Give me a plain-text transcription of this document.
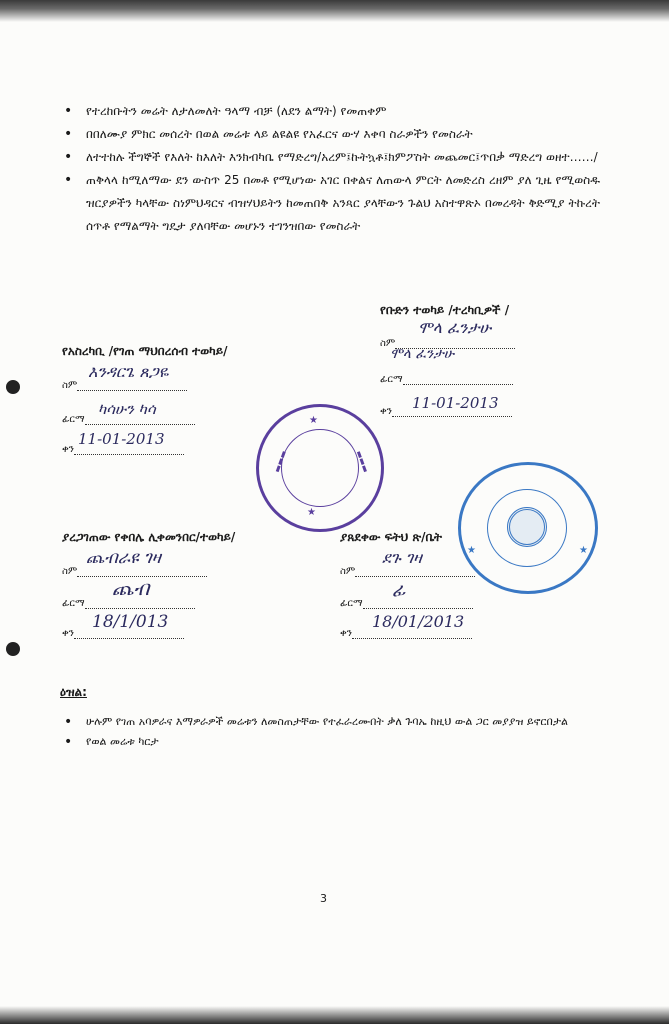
• የተረከቡትን መሬት ለታለመለት ዓላማ ብቻ (ለደን ልማት) የመጠቀም
• በበለሙያ ምክር መሰረት በወል መሬቱ ላይ ልዩልዩ የአፈርና ውሃ እቀባ ስራዎችን የመስራት
• ለተተከሉ ችግኞች የእለት ከእለት እንክብካቤ የማድረግ/አረም፤ኩትኳቶ፤ክምፖስት መጨመር፤ጥበቃ ማድረግ ወዘተ……/
• ጠቅላላ ከሚለማው ደን ውስጥ 25 በመቶ የሚሆነው አገር በቀልና ለጠውላ ምርት ለመድረስ ረዘም ያለ ጊዜ የሚወስዱ ዝርያዎችን ካላቸው ስነምህዳርና ብዝሃህይትን ከመጠበቅ አንጻር ያላቸውን ጉልህ አስተዋጽኦ በመረዳት ቅድሚያ ትኩረት ሰጥቶ የማልማት ግዴታ ያለባቸው መሆኑን ተገንዝበው የመስራት
የቡድን ተወካይ /ተረካቢዎች /
ስም
ሞላ ፈንታሁ
ሞላ ፈንታሁ
ፊርማ
ቀን	11-01-2013
የአስረካቢ /የገጠ ማህበረሰብ ተወካይ/
ስም
እንዳርጌ ጸጋዬ
ፊርማ
ካሳሁን ካሳ
ቀን
11-01-2013
★
★
▬▬▬	▬▬▬
★	★
ያረጋገጠው የቀበሌ ሊቀመንበር/ተወካይ/
ስም
ጨብራዩ ገዛ
ፊርማ
ጨብ
ቀን
18/1/013
ያጸደቀው ፍትህ ጽ/ቤት
ስም
ደጉ ገዛ
ፊርማ
ፊ
ቀን
18/01/2013
ዕዝል:
• ሁሉም የገጠ አባዎራና እማዎራዎች መሬቱን ለመስጠታቸው የተፈራረሙበት ቃለ ጉባኤ ከዚህ ውል ጋር መያያዝ ይኖርበታል
• የወል መሬቱ ካርታ
3
